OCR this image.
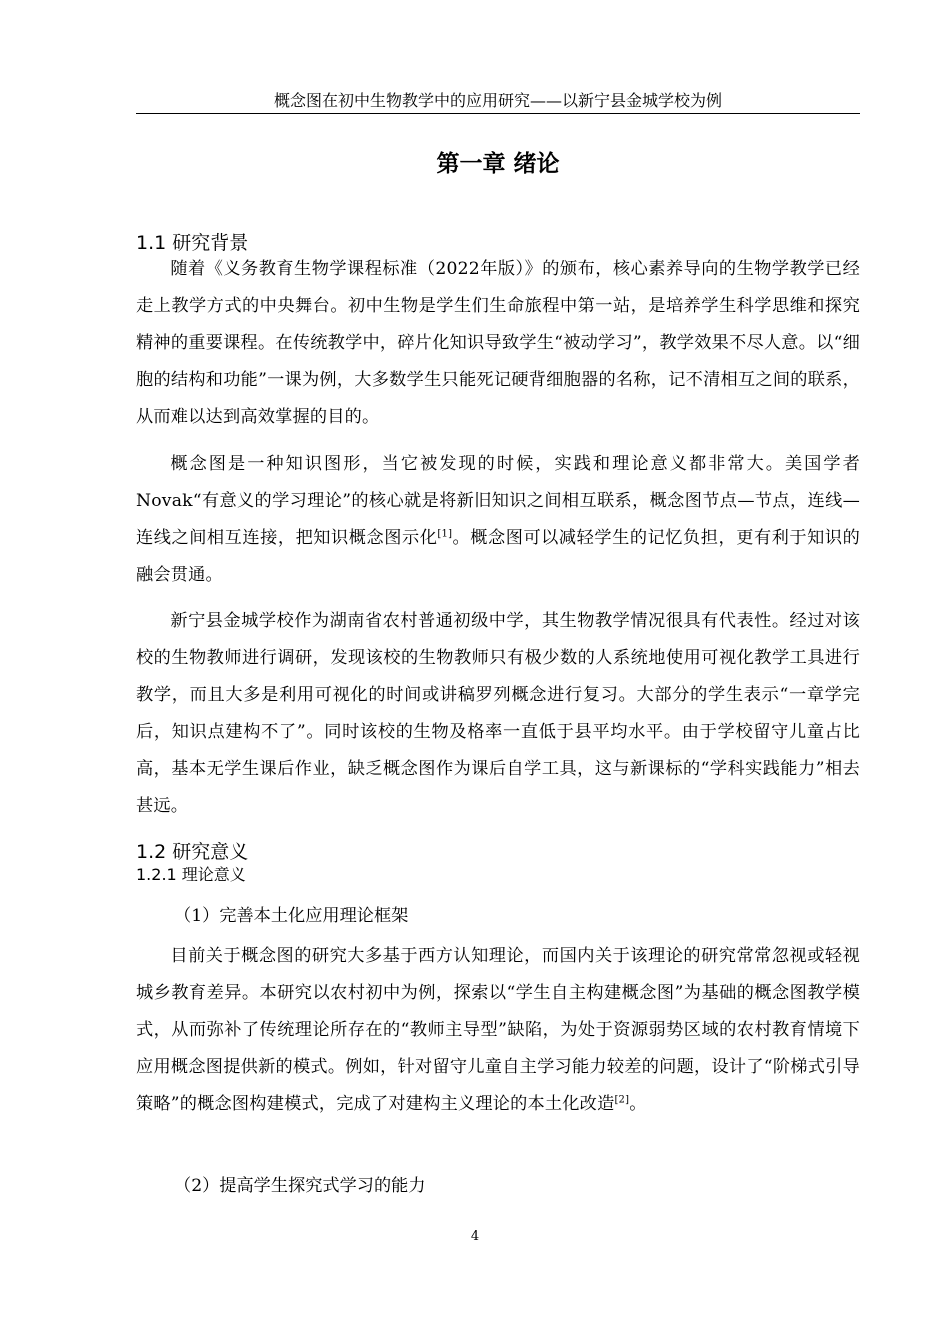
概念图在初中生物教学中的应用研究——以新宁县金城学校为例
第一章 绪论
1.1 研究背景

随着《义务教育生物学课程标准（2022年版）》的颁布，核心素养导向的生物学教学已经走上教学方式的中央舞台。初中生物是学生们生命旅程中第一站，是培养学生科学思维和探究精神的重要课程。在传统教学中，碎片化知识导致学生“被动学习”，教学效果不尽人意。以“细胞的结构和功能”一课为例，大多数学生只能死记硬背细胞器的名称，记不清相互之间的联系，从而难以达到高效掌握的目的。

概念图是一种知识图形，当它被发现的时候，实践和理论意义都非常大。美国学者Novak“有意义的学习理论”的核心就是将新旧知识之间相互联系，概念图节点—节点，连线—连线之间相互连接，把知识概念图示化[1]。概念图可以减轻学生的记忆负担，更有利于知识的融会贯通。

新宁县金城学校作为湖南省农村普通初级中学，其生物教学情况很具有代表性。经过对该校的生物教师进行调研，发现该校的生物教师只有极少数的人系统地使用可视化教学工具进行教学，而且大多是利用可视化的时间或讲稿罗列概念进行复习。大部分的学生表示“一章学完后，知识点建构不了”。同时该校的生物及格率一直低于县平均水平。由于学校留守儿童占比高，基本无学生课后作业，缺乏概念图作为课后自学工具，这与新课标的“学科实践能力”相去甚远。

1.2 研究意义
1.2.1 理论意义
（1）完善本土化应用理论框架

目前关于概念图的研究大多基于西方认知理论，而国内关于该理论的研究常常忽视或轻视城乡教育差异。本研究以农村初中为例，探索以“学生自主构建概念图”为基础的概念图教学模式，从而弥补了传统理论所存在的“教师主导型”缺陷，为处于资源弱势区域的农村教育情境下应用概念图提供新的模式。例如，针对留守儿童自主学习能力较差的问题，设计了“阶梯式引导策略”的概念图构建模式，完成了对建构主义理论的本土化改造[2]。

（2）提高学生探究式学习的能力
4
